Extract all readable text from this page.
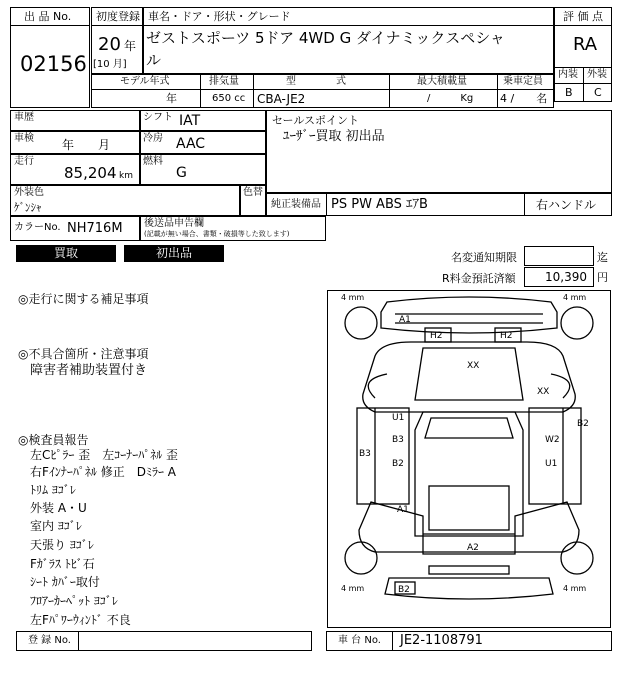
出 品 No.
02156
初度登録
20 年
[10 月]
車名・ドア・形状・グレード
ゼストスポーツ 5ドア 4WD G ダイナミックスペシャ
ル
評 価 点
RA
内装 外装
B C
モデル年式
年
排気量
650 cc
型　　　　式
CBA-JE2
最大積載量
/　　　Kg
乗車定員
4 /　　名
車歴
車検 年　　月
走行
85,204 km
シフト IAT
冷房 AAC
燃料
G
セールスポイント
ﾕｰｻﾞｰ買取 初出品
外装色
ｹﾞﾝｼｬ
色替
純正装備品 PS PW ABS ｴｱB	右ハンドル
カラーNo. NH716M 後送品申告欄
(記載が無い場合、書類・破損等した致します)
買取	初出品	名変通知期限	迄
R料金預託済額 10,390 円
◎走行に関する補足事項
◎不具合箇所・注意事項
障害者補助装置付き
◎検査員報告
左Cﾋﾟﾗｰ 歪　左ｺｰﾅｰﾊﾟﾈﾙ 歪
右Fｲﾝﾅｰﾊﾟﾈﾙ 修正　Dﾐﾗｰ A
ﾄﾘﾑ ﾖｺﾞﾚ
外装 A・U
室内 ﾖｺﾞﾚ
天張り ﾖｺﾞﾚ
Fｶﾞﾗｽ ﾄﾋﾞ石
ｼｰﾄ ｶﾊﾞｰ取付
ﾌﾛｱｰｶｰﾍﾟｯﾄ ﾖｺﾞﾚ
左Fﾊﾟﾜｰｳｨﾝﾄﾞ 不良
4 mm	4 mm
4 mm	4 mm
A1
H2	H2
XX
XX
U1
B3
B3
B2
B2
W2
U1
A1
A2
B2
登 録 No.	車 台 No. JE2-1108791
